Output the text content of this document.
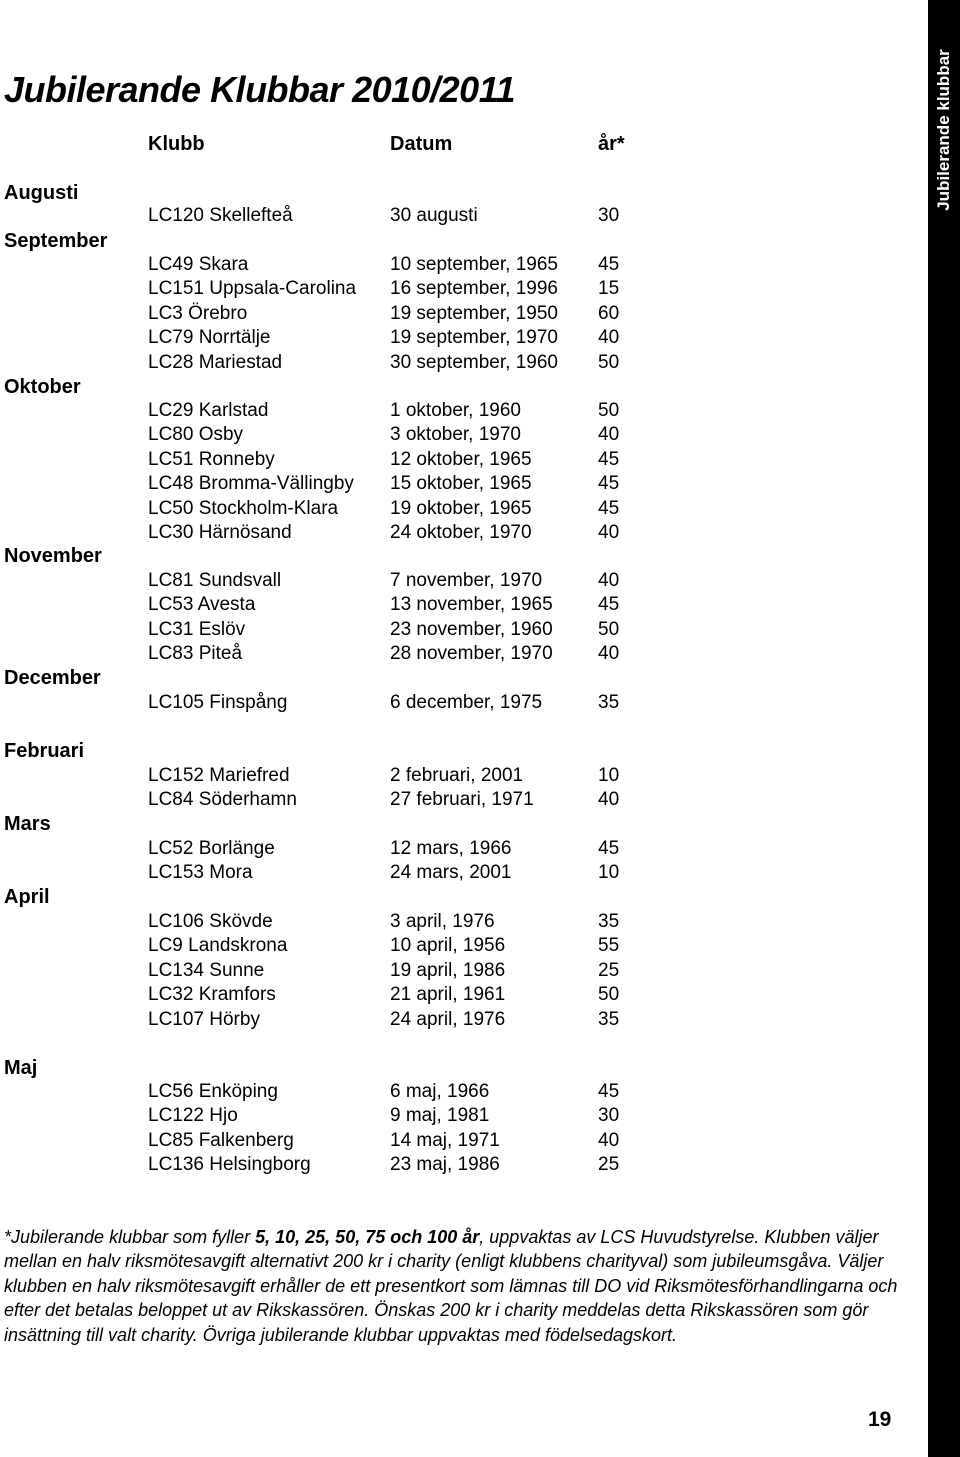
Jubilerande Klubbar 2010/2011
Klubb	Datum	år*
Augusti
LC120 Skellefteå	30 augusti	30
September
LC49 Skara	10 september, 1965 45
LC151 Uppsala-Carolina 16 september, 1996 15
LC3 Örebro	19 september, 1950 60
LC79 Norrtälje	19 september, 1970 40
LC28 Mariestad	30 september, 1960 50
Oktober
LC29 Karlstad	1 oktober, 1960	50
LC80 Osby	3 oktober, 1970	40
LC51 Ronneby	12 oktober, 1965	45
LC48 Bromma-Vällingby 15 oktober, 1965	45
LC50 Stockholm-Klara	19 oktober, 1965	45
LC30 Härnösand	24 oktober, 1970	40
November
LC81 Sundsvall	7 november, 1970	40
LC53 Avesta	13 november, 1965 45
LC31 Eslöv	23 november, 1960 50
LC83 Piteå	28 november, 1970 40
December
LC105 Finspång	6 december, 1975	35
Februari
LC152 Mariefred	2 februari, 2001	10
LC84 Söderhamn	27 februari, 1971	40
Mars
LC52 Borlänge	12 mars, 1966	45
LC153 Mora	24 mars, 2001	10
April
LC106 Skövde	3 april, 1976	35
LC9 Landskrona	10 april, 1956	55
LC134 Sunne	19 april, 1986	25
LC32 Kramfors	21 april, 1961	50
LC107 Hörby	24 april, 1976	35
Maj
LC56 Enköping	6 maj, 1966	45
LC122 Hjo	9 maj, 1981	30
LC85 Falkenberg	14 maj, 1971	40
LC136 Helsingborg	23 maj, 1986	25

*Jubilerande klubbar som fyller 5, 10, 25, 50, 75 och 100 år, uppvaktas av LCS Huvudstyrelse. Klubben väljer mellan en halv riksmötesavgift alternativt 200 kr i charity (enligt klubbens charityval) som jubileumsgåva. Väljer klubben en halv riksmötesavgift erhåller de ett presentkort som lämnas till DO vid Riksmötesförhandlingarna och efter det betalas beloppet ut av Rikskassören. Önskas 200 kr i charity meddelas detta Rikskassören som gör insättning till valt charity. Övriga jubilerande klubbar uppvaktas med födelsedagskort.

Jubilerande klubbar
19
